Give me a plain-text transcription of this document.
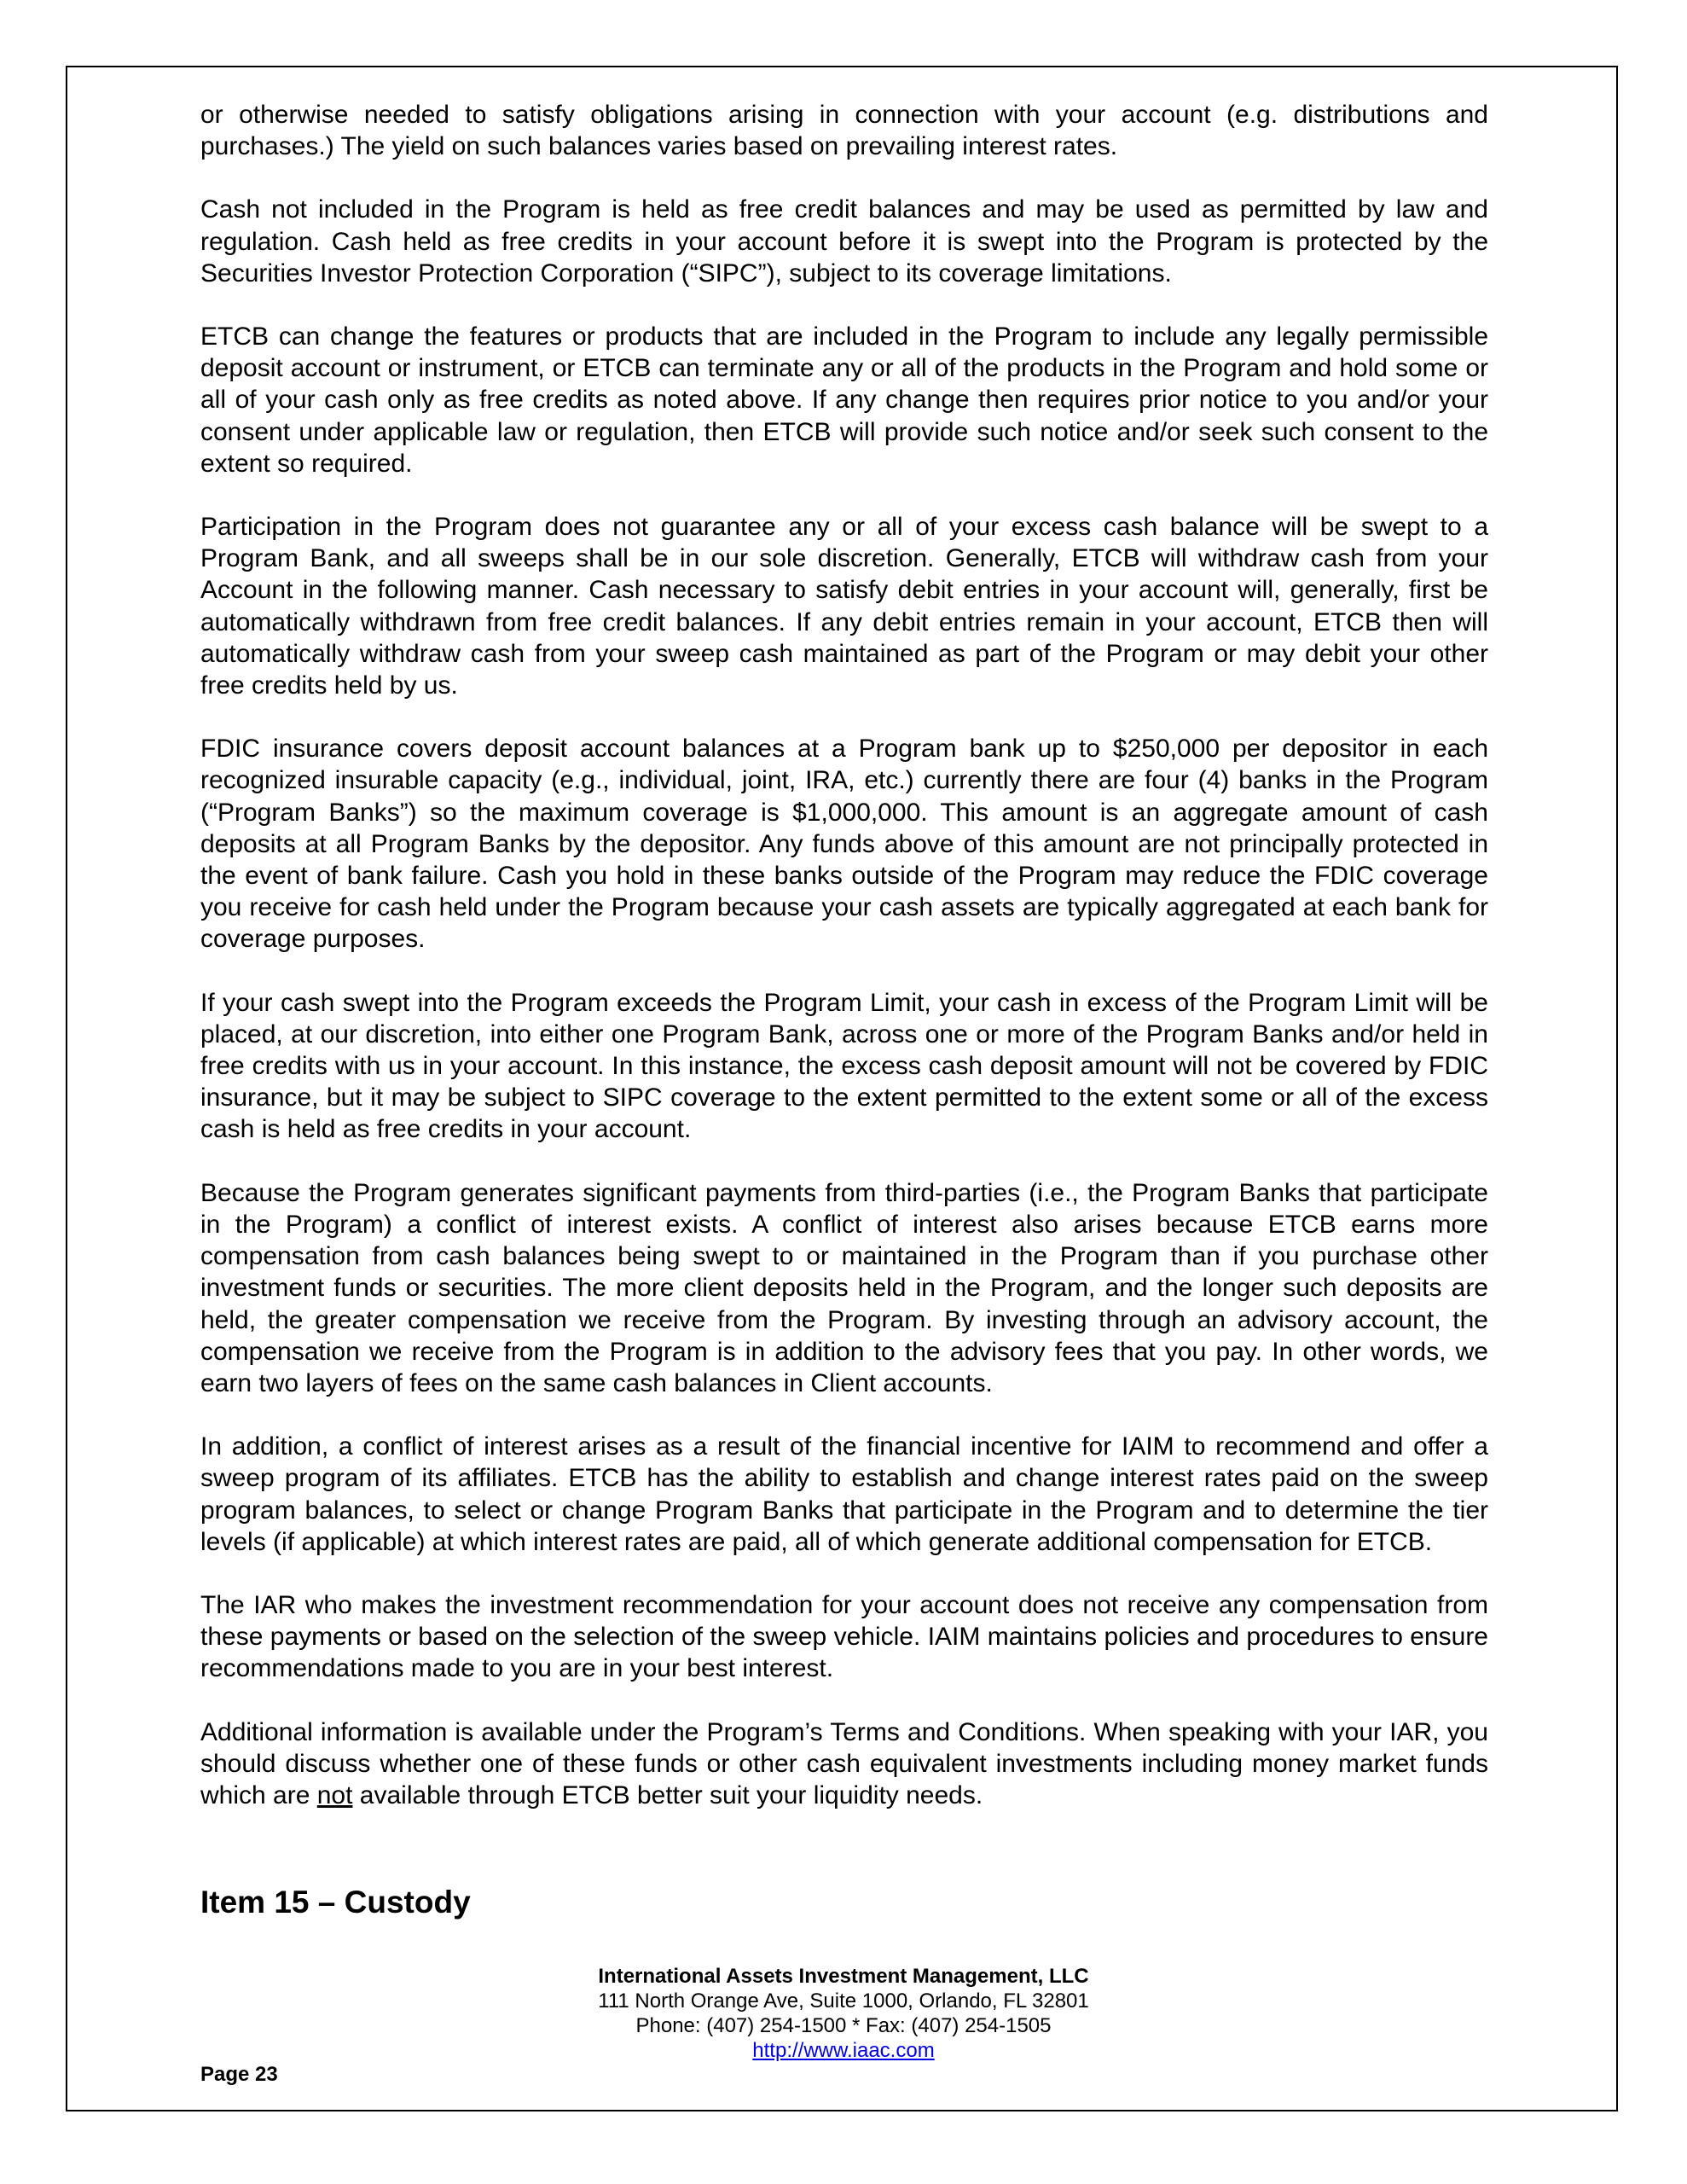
or otherwise needed to satisfy obligations arising in connection with your account (e.g. distributions and purchases.) The yield on such balances varies based on prevailing interest rates.

Cash not included in the Program is held as free credit balances and may be used as permitted by law and regulation. Cash held as free credits in your account before it is swept into the Program is protected by the Securities Investor Protection Corporation (“SIPC”), subject to its coverage limitations.

ETCB can change the features or products that are included in the Program to include any legally permissible deposit account or instrument, or ETCB can terminate any or all of the products in the Program and hold some or all of your cash only as free credits as noted above. If any change then requires prior notice to you and/or your consent under applicable law or regulation, then ETCB will provide such notice and/or seek such consent to the extent so required.

Participation in the Program does not guarantee any or all of your excess cash balance will be swept to a Program Bank, and all sweeps shall be in our sole discretion. Generally, ETCB will withdraw cash from your Account in the following manner. Cash necessary to satisfy debit entries in your account will, generally, first be automatically withdrawn from free credit balances. If any debit entries remain in your account, ETCB then will automatically withdraw cash from your sweep cash maintained as part of the Program or may debit your other free credits held by us.

FDIC insurance covers deposit account balances at a Program bank up to $250,000 per depositor in each recognized insurable capacity (e.g., individual, joint, IRA, etc.) currently there are four (4) banks in the Program (“Program Banks”) so the maximum coverage is $1,000,000. This amount is an aggregate amount of cash deposits at all Program Banks by the depositor. Any funds above of this amount are not principally protected in the event of bank failure. Cash you hold in these banks outside of the Program may reduce the FDIC coverage you receive for cash held under the Program because your cash assets are typically aggregated at each bank for coverage purposes.

If your cash swept into the Program exceeds the Program Limit, your cash in excess of the Program Limit will be placed, at our discretion, into either one Program Bank, across one or more of the Program Banks and/or held in free credits with us in your account. In this instance, the excess cash deposit amount will not be covered by FDIC insurance, but it may be subject to SIPC coverage to the extent permitted to the extent some or all of the excess cash is held as free credits in your account.

Because the Program generates significant payments from third-parties (i.e., the Program Banks that participate in the Program) a conflict of interest exists. A conflict of interest also arises because ETCB earns more compensation from cash balances being swept to or maintained in the Program than if you purchase other investment funds or securities. The more client deposits held in the Program, and the longer such deposits are held, the greater compensation we receive from the Program. By investing through an advisory account, the compensation we receive from the Program is in addition to the advisory fees that you pay. In other words, we earn two layers of fees on the same cash balances in Client accounts.

In addition, a conflict of interest arises as a result of the financial incentive for IAIM to recommend and offer a sweep program of its affiliates. ETCB has the ability to establish and change interest rates paid on the sweep program balances, to select or change Program Banks that participate in the Program and to determine the tier levels (if applicable) at which interest rates are paid, all of which generate additional compensation for ETCB.

The IAR who makes the investment recommendation for your account does not receive any compensation from these payments or based on the selection of the sweep vehicle. IAIM maintains policies and procedures to ensure recommendations made to you are in your best interest.

Additional information is available under the Program’s Terms and Conditions. When speaking with your IAR, you should discuss whether one of these funds or other cash equivalent investments including money market funds which are not available through ETCB better suit your liquidity needs.

Item 15 – Custody
International Assets Investment Management, LLC
111 North Orange Ave, Suite 1000, Orlando, FL 32801
Phone: (407) 254-1500 * Fax: (407) 254-1505
http://www.iaac.com
Page 23
